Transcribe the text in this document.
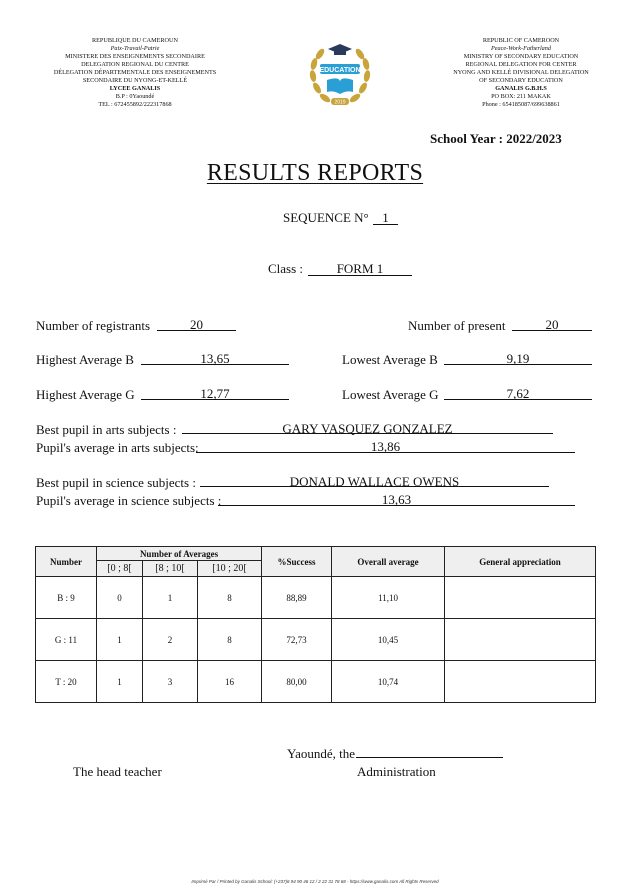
REPUBLIQUE DU CAMEROUN
Paix-Travail-Patrie
MINISTERE DES ENSEIGNEMENTS SECONDAIRE
DELEGATION REGIONAL DU CENTRE
DÉLEGATION DÉPARTEMENTALE DES ENSEIGNEMENTS
SECONDAIRE DU NYONG-ET-KELLÉ
LYCEE GANALIS
B.P : 0Yaoundé
TEL : 672455892/222317868
EDUCATION
2019
REPUBLIC OF CAMEROON
Peace-Work-Fatherland
MINISTRY OF SECONDARY EDUCATION
REGIONAL DELEGATION FOR CENTER
NYONG AND KELLÉ DIVISIONAL DELEGATION
OF SECONDARY EDUCATION
GANALIS G.B.H.S
PO BOX: 211 MAKAK
Phone : 654185087/699638861
School Year : 2022/2023
RESULTS REPORTS
SEQUENCE N°	1
Class :	FORM 1
Number of registrants	20	Number of present	20
Highest Average B	13,65	Lowest Average B	9,19
Highest Average G	12,77	Lowest Average G	7,62
Best pupil in arts subjects :	GARY VASQUEZ GONZALEZ
Pupil's average in arts subjects:	13,86
Best pupil in science subjects :	DONALD WALLACE OWENS
Pupil's average in science subjects :	13,63
Number	Number of Averages			%Success	Overall average	General appreciation
	[0 ; 8[	[8 ; 10[	[10 ; 20[			
B : 9	0	1	8	88,89	11,10	
G : 11	1	2	8	72,73	10,45	
T : 20	1	3	16	80,00	10,74	
Yaoundé, the
The head teacher	Administration
Imprimé Par / Printed by Ganalis School: (+237)6 94 90 46 12 / 2 22 31 78 68 - https://www.ganalis.com All Rights Reserved
